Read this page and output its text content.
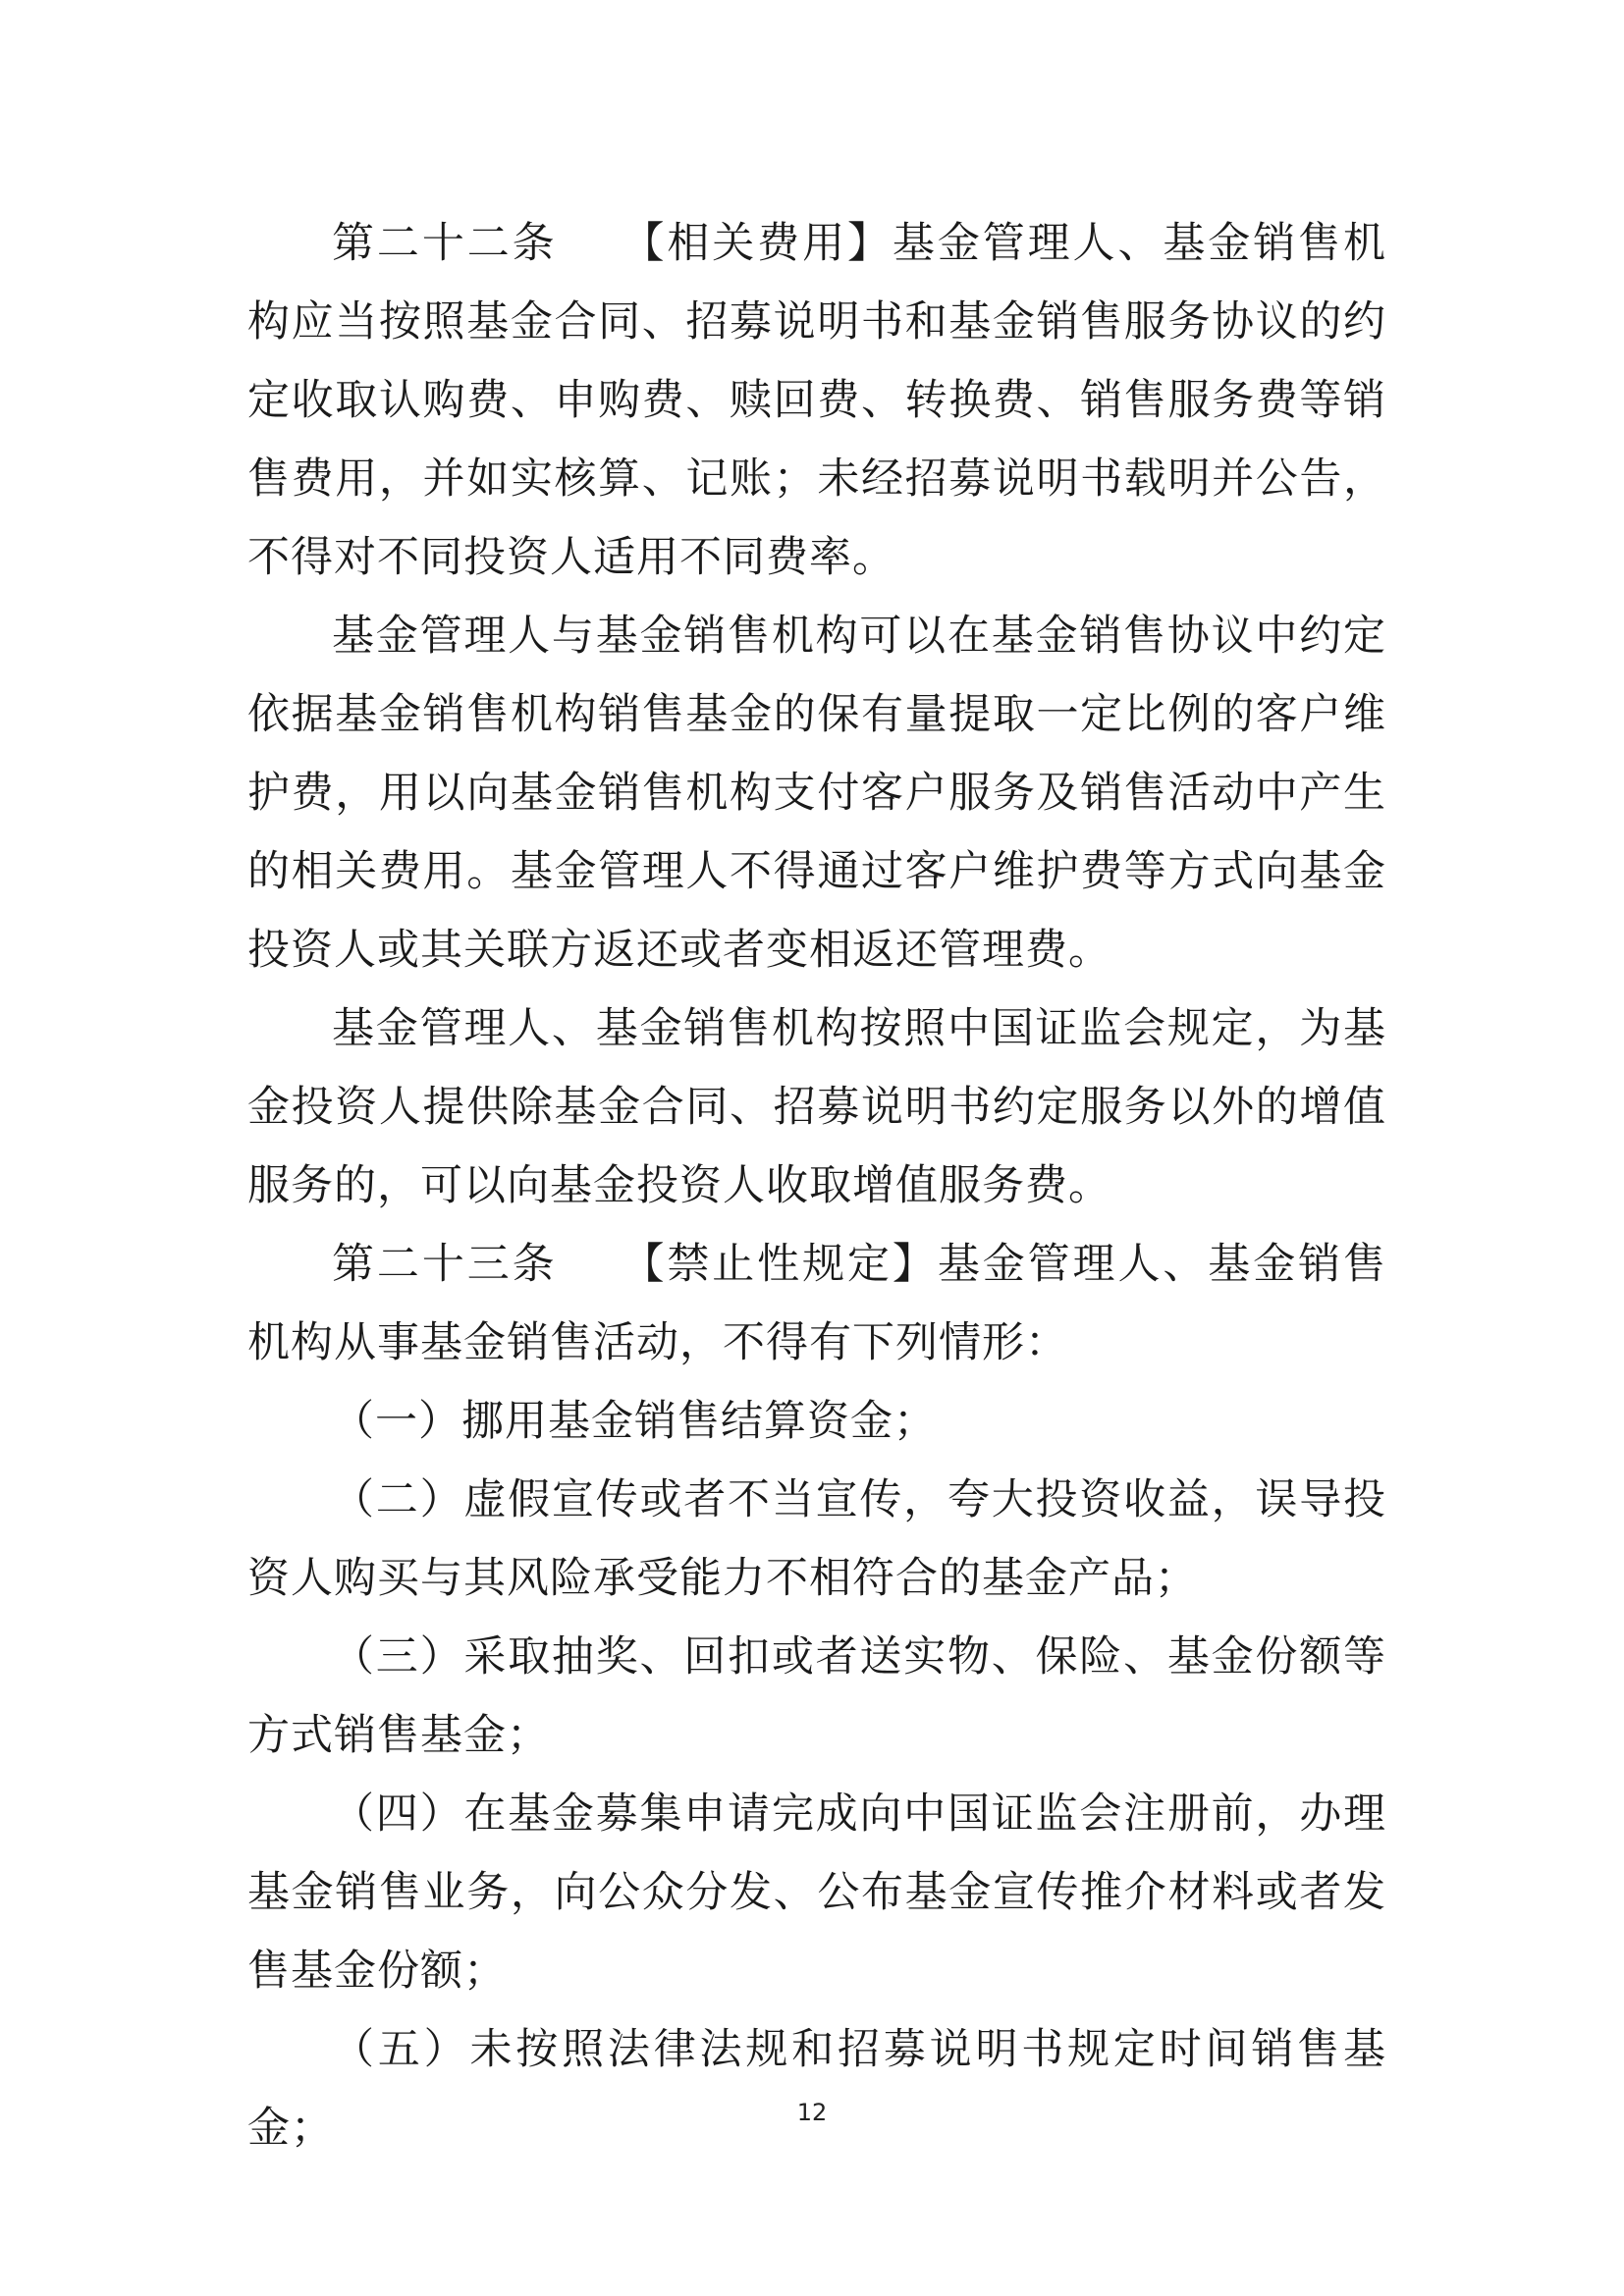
第二十二条 【相关费用】基金管理人、基金销售机构应当按照基金合同、招募说明书和基金销售服务协议的约定收取认购费、申购费、赎回费、转换费、销售服务费等销售费用，并如实核算、记账；未经招募说明书载明并公告，不得对不同投资人适用不同费率。

基金管理人与基金销售机构可以在基金销售协议中约定依据基金销售机构销售基金的保有量提取一定比例的客户维护费，用以向基金销售机构支付客户服务及销售活动中产生的相关费用。基金管理人不得通过客户维护费等方式向基金投资人或其关联方返还或者变相返还管理费。

基金管理人、基金销售机构按照中国证监会规定，为基金投资人提供除基金合同、招募说明书约定服务以外的增值服务的，可以向基金投资人收取增值服务费。

第二十三条 【禁止性规定】基金管理人、基金销售机构从事基金销售活动，不得有下列情形：

（一）挪用基金销售结算资金；

（二）虚假宣传或者不当宣传，夸大投资收益，误导投资人购买与其风险承受能力不相符合的基金产品；

（三）采取抽奖、回扣或者送实物、保险、基金份额等方式销售基金；

（四）在基金募集申请完成向中国证监会注册前，办理基金销售业务，向公众分发、公布基金宣传推介材料或者发售基金份额；

（五）未按照法律法规和招募说明书规定时间销售基金；	12
